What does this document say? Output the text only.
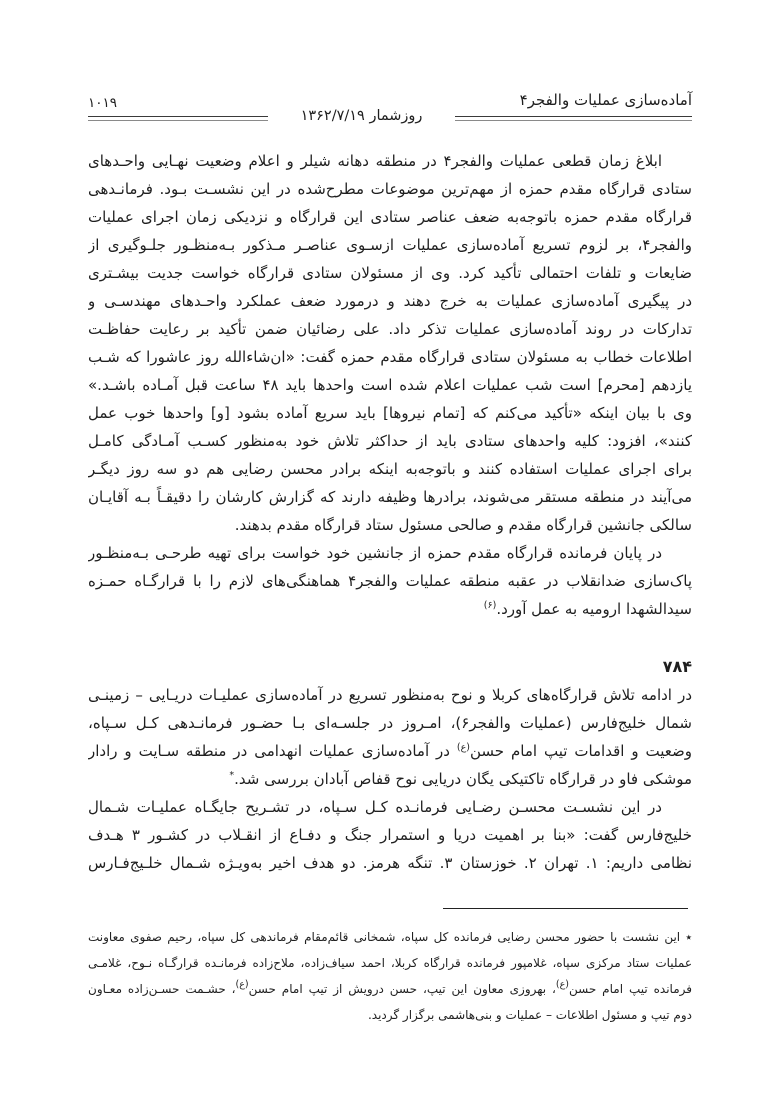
آماده‌سازی عملیات والفجر۴
۱۰۱۹
روزشمار ۱۳۶۲/۷/۱۹
ابلاغ زمان قطعی عملیات والفجر۴ در منطقه دهانه شیلر و اعلام وضعیت نهـایی واحـدهای
ستادی قرارگاه مقدم حمزه از مهم‌ترین موضوعات مطرح‌شده در این نشسـت بـود. فرمانـدهی
قرارگاه مقدم حمزه باتوجه‌به ضعف عناصر ستادی این قرارگاه و نزدیکی زمان اجرای عملیات
والفجر۴، بر لزوم تسریع آماده‌سازی عملیات ازسـوی عناصـر مـذکور بـه‌منظـور جلـوگیری از
ضایعات و تلفات احتمالی تأکید کرد. وی از مسئولان ستادی قرارگاه خواست جدیت بیشـتری
در پیگیری آماده‌سازی عملیات به خرج دهند و درمورد ضعف عملکرد واحـدهای مهندسـی و
تدارکات در روند آماده‌سازی عملیات تذکر داد. علی رضائیان ضمن تأکید بر رعایت حفاظـت
اطلاعات خطاب به مسئولان ستادی قرارگاه مقدم حمزه گفت: «ان‌شاءالله روز عاشورا که شـب
یازدهم [محرم] است شب عملیات اعلام شده است واحدها باید ۴۸ ساعت قبل آمـاده باشـد.»
وی با بیان اینکه «تأکید می‌کنم که [تمام نیروها] باید سریع آماده بشود [و] واحدها خوب عمل
کنند»، افزود: کلیه واحدهای ستادی باید از حداکثر تلاش خود به‌منظور کسـب آمـادگی کامـل
برای اجرای عملیات استفاده کنند و باتوجه‌به اینکه برادر محسن رضایی هم دو سه روز دیگـر
می‌آیند در منطقه مستقر می‌شوند، برادرها وظیفه دارند که گزارش کارشان را دقیقـاً بـه آقایـان
سالکی جانشین قرارگاه مقدم و صالحی مسئول ستاد قرارگاه مقدم بدهند.
در پایان فرمانده قرارگاه مقدم حمزه از جانشین خود خواست برای تهیه طرحـی بـه‌منظـور
پاک‌سازی ضدانقلاب در عقبه منطقه عملیات والفجر۴ هماهنگی‌های لازم را با قرارگـاه حمـزه
سیدالشهدا ارومیه به عمل آورد.$^{(۶)}$
۷۸۴
در ادامه تلاش قرارگاه‌های کربلا و نوح به‌منظور تسریع در آماده‌سازی عملیـات دریـایی – زمینـی
شمال خلیج‌فارس (عملیات والفجر۶)، امـروز در جلسـه‌ای بـا حضـور فرمانـدهی کـل سـپاه،
وضعیت و اقدامات تیپ امام حسن$^{(ع)}$ در آماده‌سازی عملیات انهدامی در منطقه سـایت و رادار
موشکی فاو در قرارگاه تاکتیکی یگان دریایی نوح قفاص آبادان بررسی شد.*
در این نشسـت محسـن رضـایی فرمانـده کـل سـپاه، در تشـریح جایگـاه عملیـات شـمال
خلیج‌فارس گفت: «بنا بر اهمیت دریا و استمرار جنگ و دفـاع از انقـلاب در کشـور ۳ هـدف
نظامی داریم: ۱. تهران ۲. خوزستان ۳. تنگه هرمز. دو هدف اخیر به‌ویـژه شـمال خلـیج‌فـارس
٭ این نشست با حضور محسن رضایی فرمانده کل سپاه، شمخانی قائم‌مقام فرماندهی کل سپاه، رحیم صفوی معاونت
عملیات ستاد مرکزی سپاه، غلامپور فرمانده قرارگاه کربلا، احمد سیاف‌زاده، ملاح‌زاده فرمانـده قرارگـاه نـوح، غلامـی
فرمانده تیپ امام حسن$^{(ع)}$، بهروزی معاون این تیپ، حسن درویش از تیپ امام حسن$^{(ع)}$، حشـمت حسـن‌زاده معـاون
دوم تیپ و مسئول اطلاعات – عملیات و بنی‌هاشمی برگزار گردید.
